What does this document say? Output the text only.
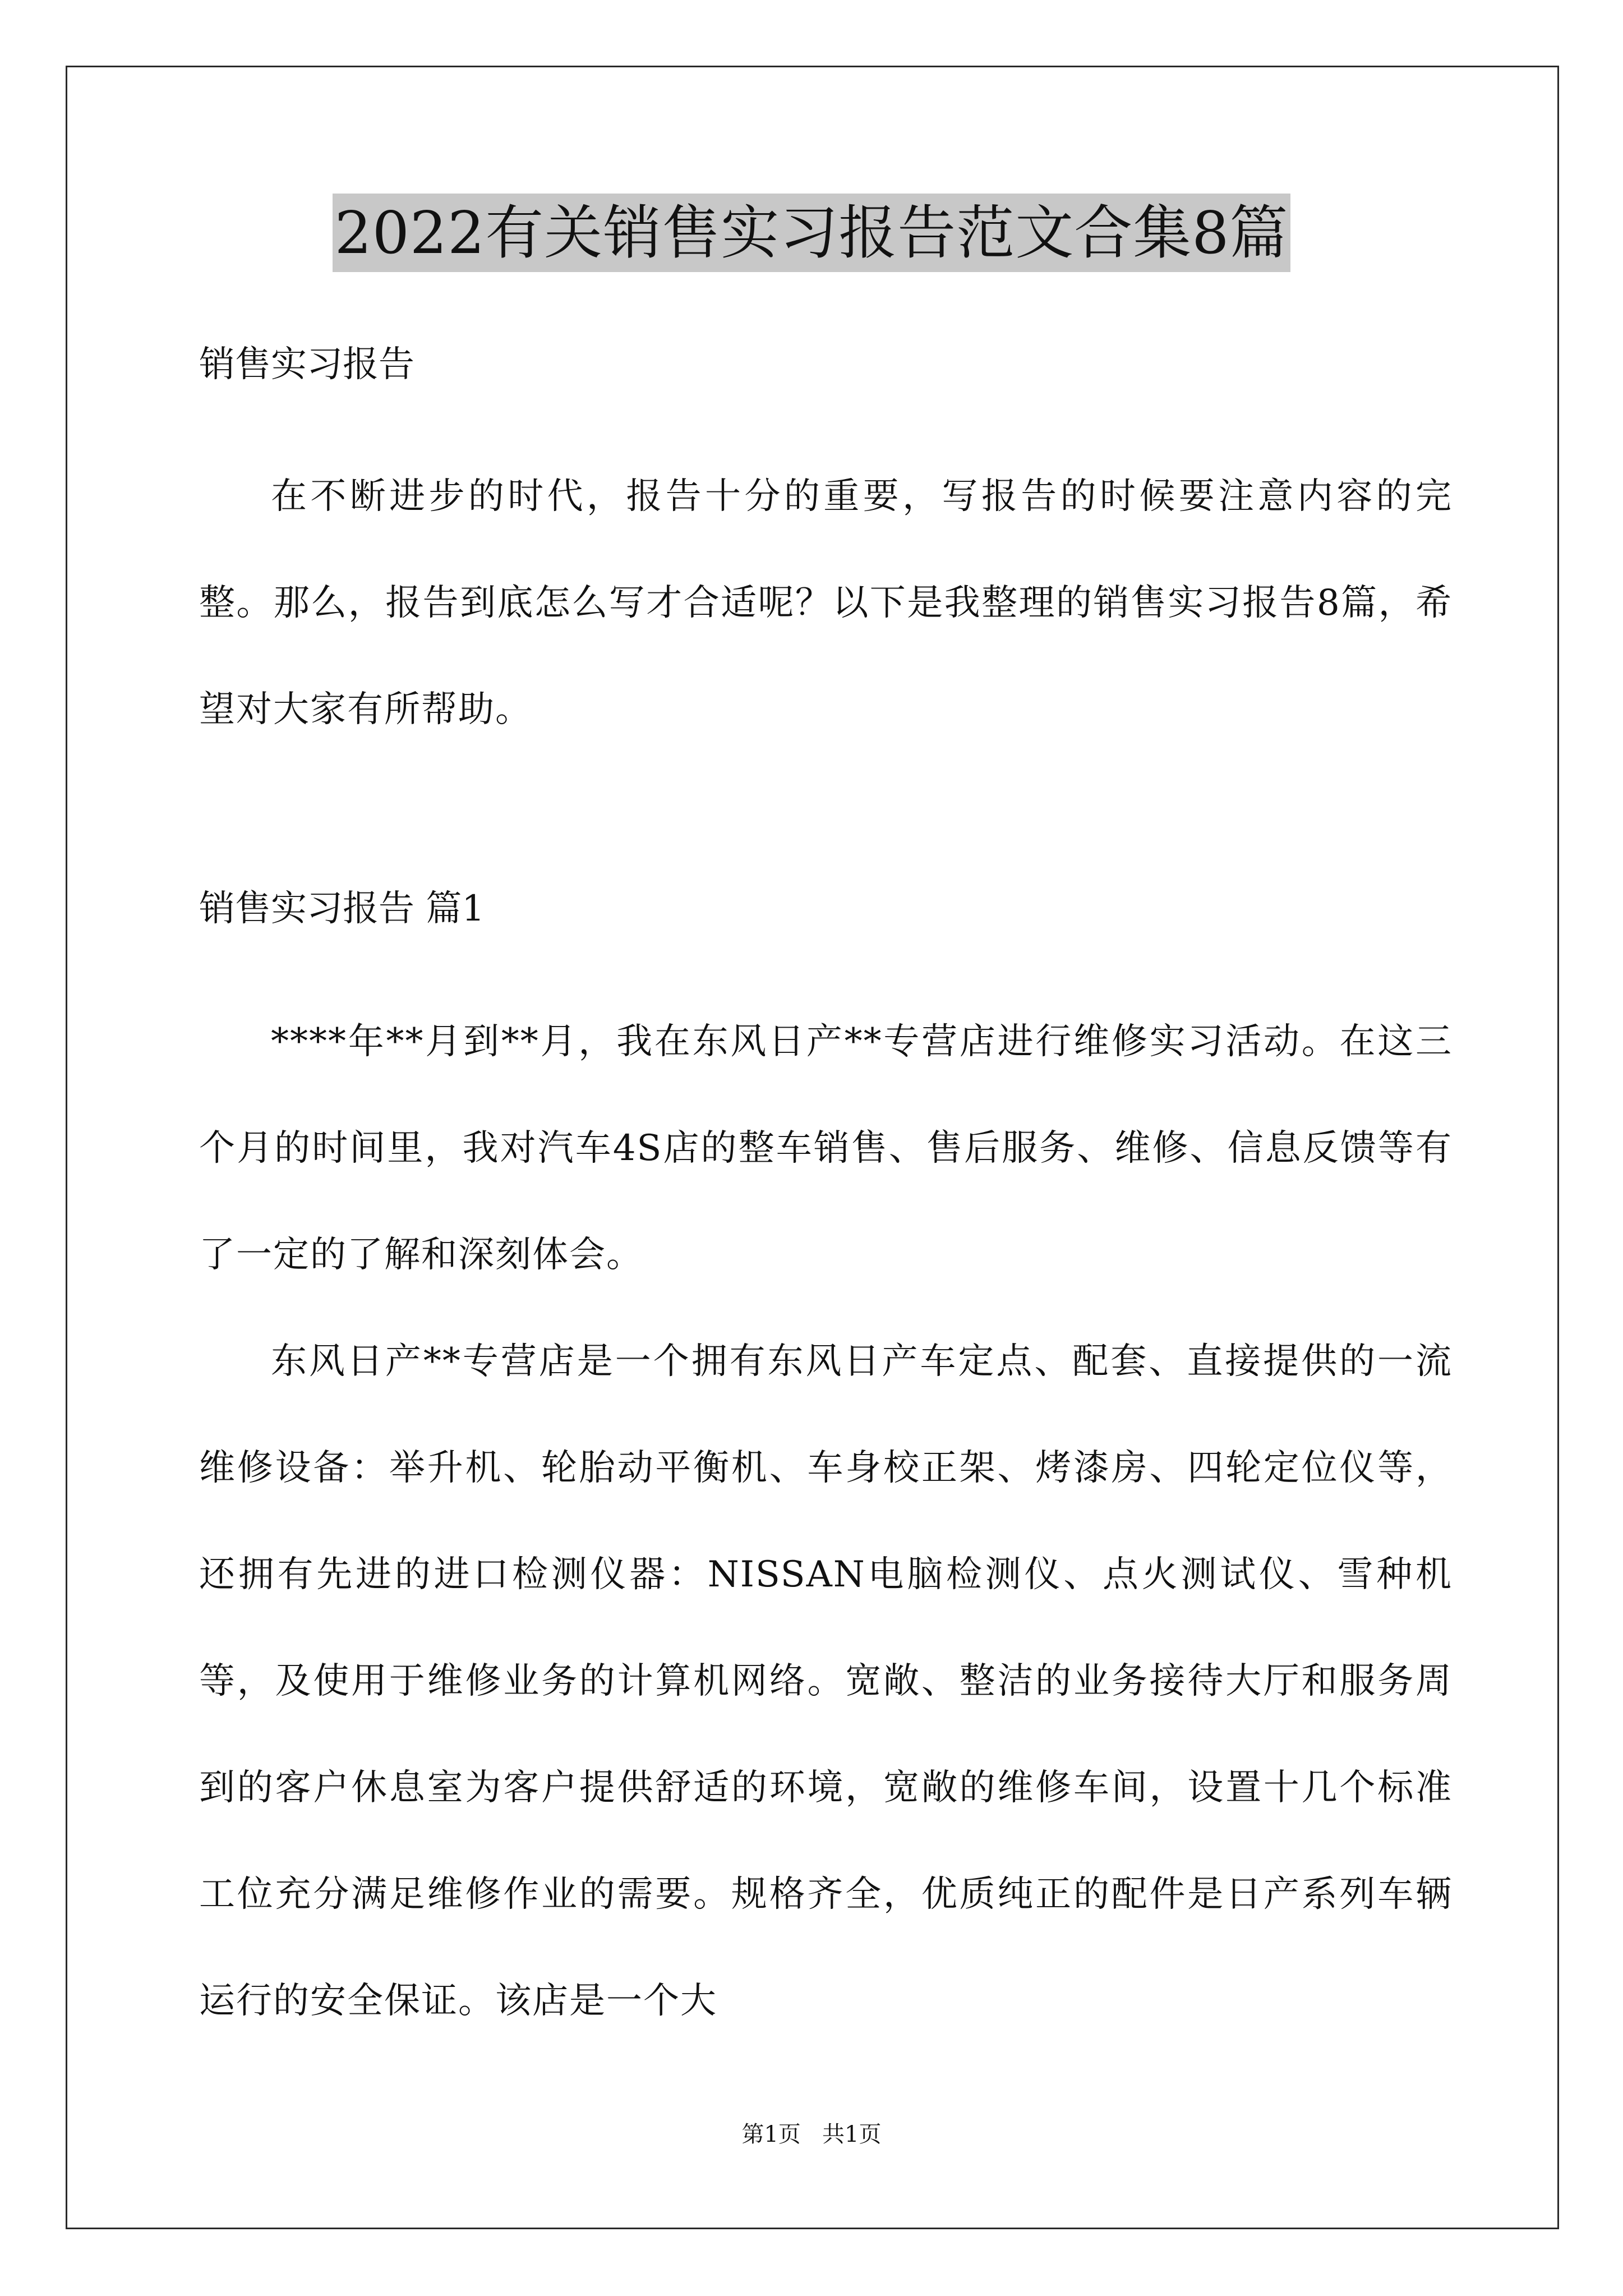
2022有关销售实习报告范文合集8篇

销售实习报告

在不断进步的时代，报告十分的重要，写报告的时候要注意内容的完整。那么，报告到底怎么写才合适呢？以下是我整理的销售实习报告8篇，希望对大家有所帮助。

销售实习报告 篇1

****年**月到**月，我在东风日产**专营店进行维修实习活动。在这三个月的时间里，我对汽车4S店的整车销售、售后服务、维修、信息反馈等有了一定的了解和深刻体会。

东风日产**专营店是一个拥有东风日产车定点、配套、直接提供的一流维修设备：举升机、轮胎动平衡机、车身校正架、烤漆房、四轮定位仪等，还拥有先进的进口检测仪器：NISSAN电脑检测仪、点火测试仪、雪种机等，及使用于维修业务的计算机网络。宽敞、整洁的业务接待大厅和服务周到的客户休息室为客户提供舒适的环境，宽敞的维修车间，设置十几个标准工位充分满足维修作业的需要。规格齐全，优质纯正的配件是日产系列车辆运行的安全保证。该店是一个大

第1页   共1页
